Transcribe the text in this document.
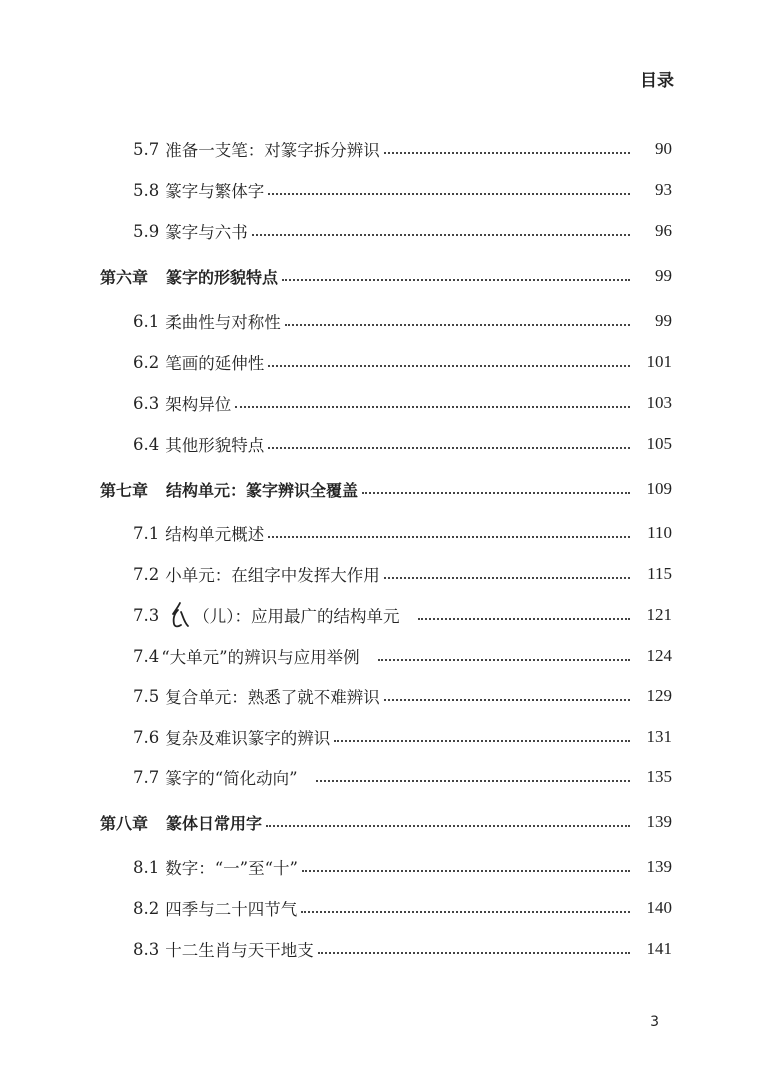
目录
5.7 准备一支笔：对篆字拆分辨识	90
5.8 篆字与繁体字	93
5.9 篆字与六书	96
第六章 篆字的形貌特点	99
6.1 柔曲性与对称性	99
6.2 笔画的延伸性	101
6.3 架构异位	103
6.4 其他形貌特点	105
第七章 结构单元：篆字辨识全覆盖	109
7.1 结构单元概述	110
7.2 小单元：在组字中发挥大作用	115
7.3 （儿）：应用最广的结构单元	121
7.4 “大单元”的辨识与应用举例	124
7.5 复合单元：熟悉了就不难辨识	129
7.6 复杂及难识篆字的辨识	131
7.7 篆字的“简化动向”	135
第八章 篆体日常用字	139
8.1 数字：“一”至“十”	139
8.2 四季与二十四节气	140
8.3 十二生肖与天干地支	141
3
